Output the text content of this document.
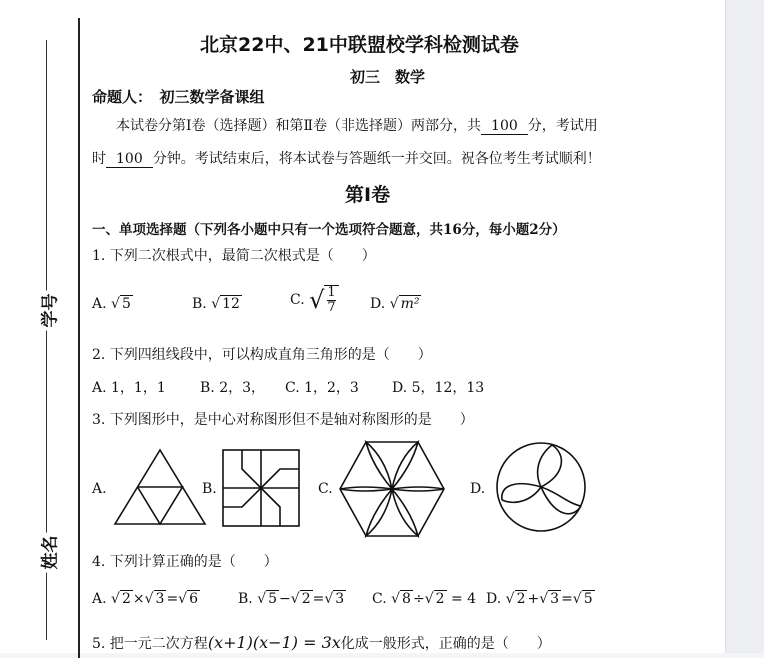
学号
姓名
北京22中、21中联盟校学科检测试卷
初三　数学
命题人：　初三数学备课组
本试卷分第Ⅰ卷（选择题）和第Ⅱ卷（非选择题）两部分，共 100 分，考试用
时 100 分钟。考试结束后，将本试卷与答题纸一并交回。祝各位考生考试顺利！
第Ⅰ卷
一、单项选择题（下列各小题中只有一个选项符合题意，共16分，每小题2分）
1. 下列二次根式中，最简二次根式是（　　）
A. √ 5	B. √ 12	C. √ $\frac{1}{7} D$. √ m²
2. 下列四组线段中，可以构成直角三角形的是（　　）
A. 1，1，1 B. 2，3， C. 1，2，3 D. 5，12，13
3. 下列图形中，是中心对称图形但不是轴对称图形的是　　）
A.	B.	C.	D.
4. 下列计算正确的是（　　）
A. √ 2 ×√ 3 =√ 6	B. √ 5 −√ 2 =√ 3 C. √ 8 ÷√ 2 = 4 D. √ 2 +√ 3 =√ 5
5. 把一元二次方程(x+1)(x−1) = 3x化成一般形式，正确的是（　　）
